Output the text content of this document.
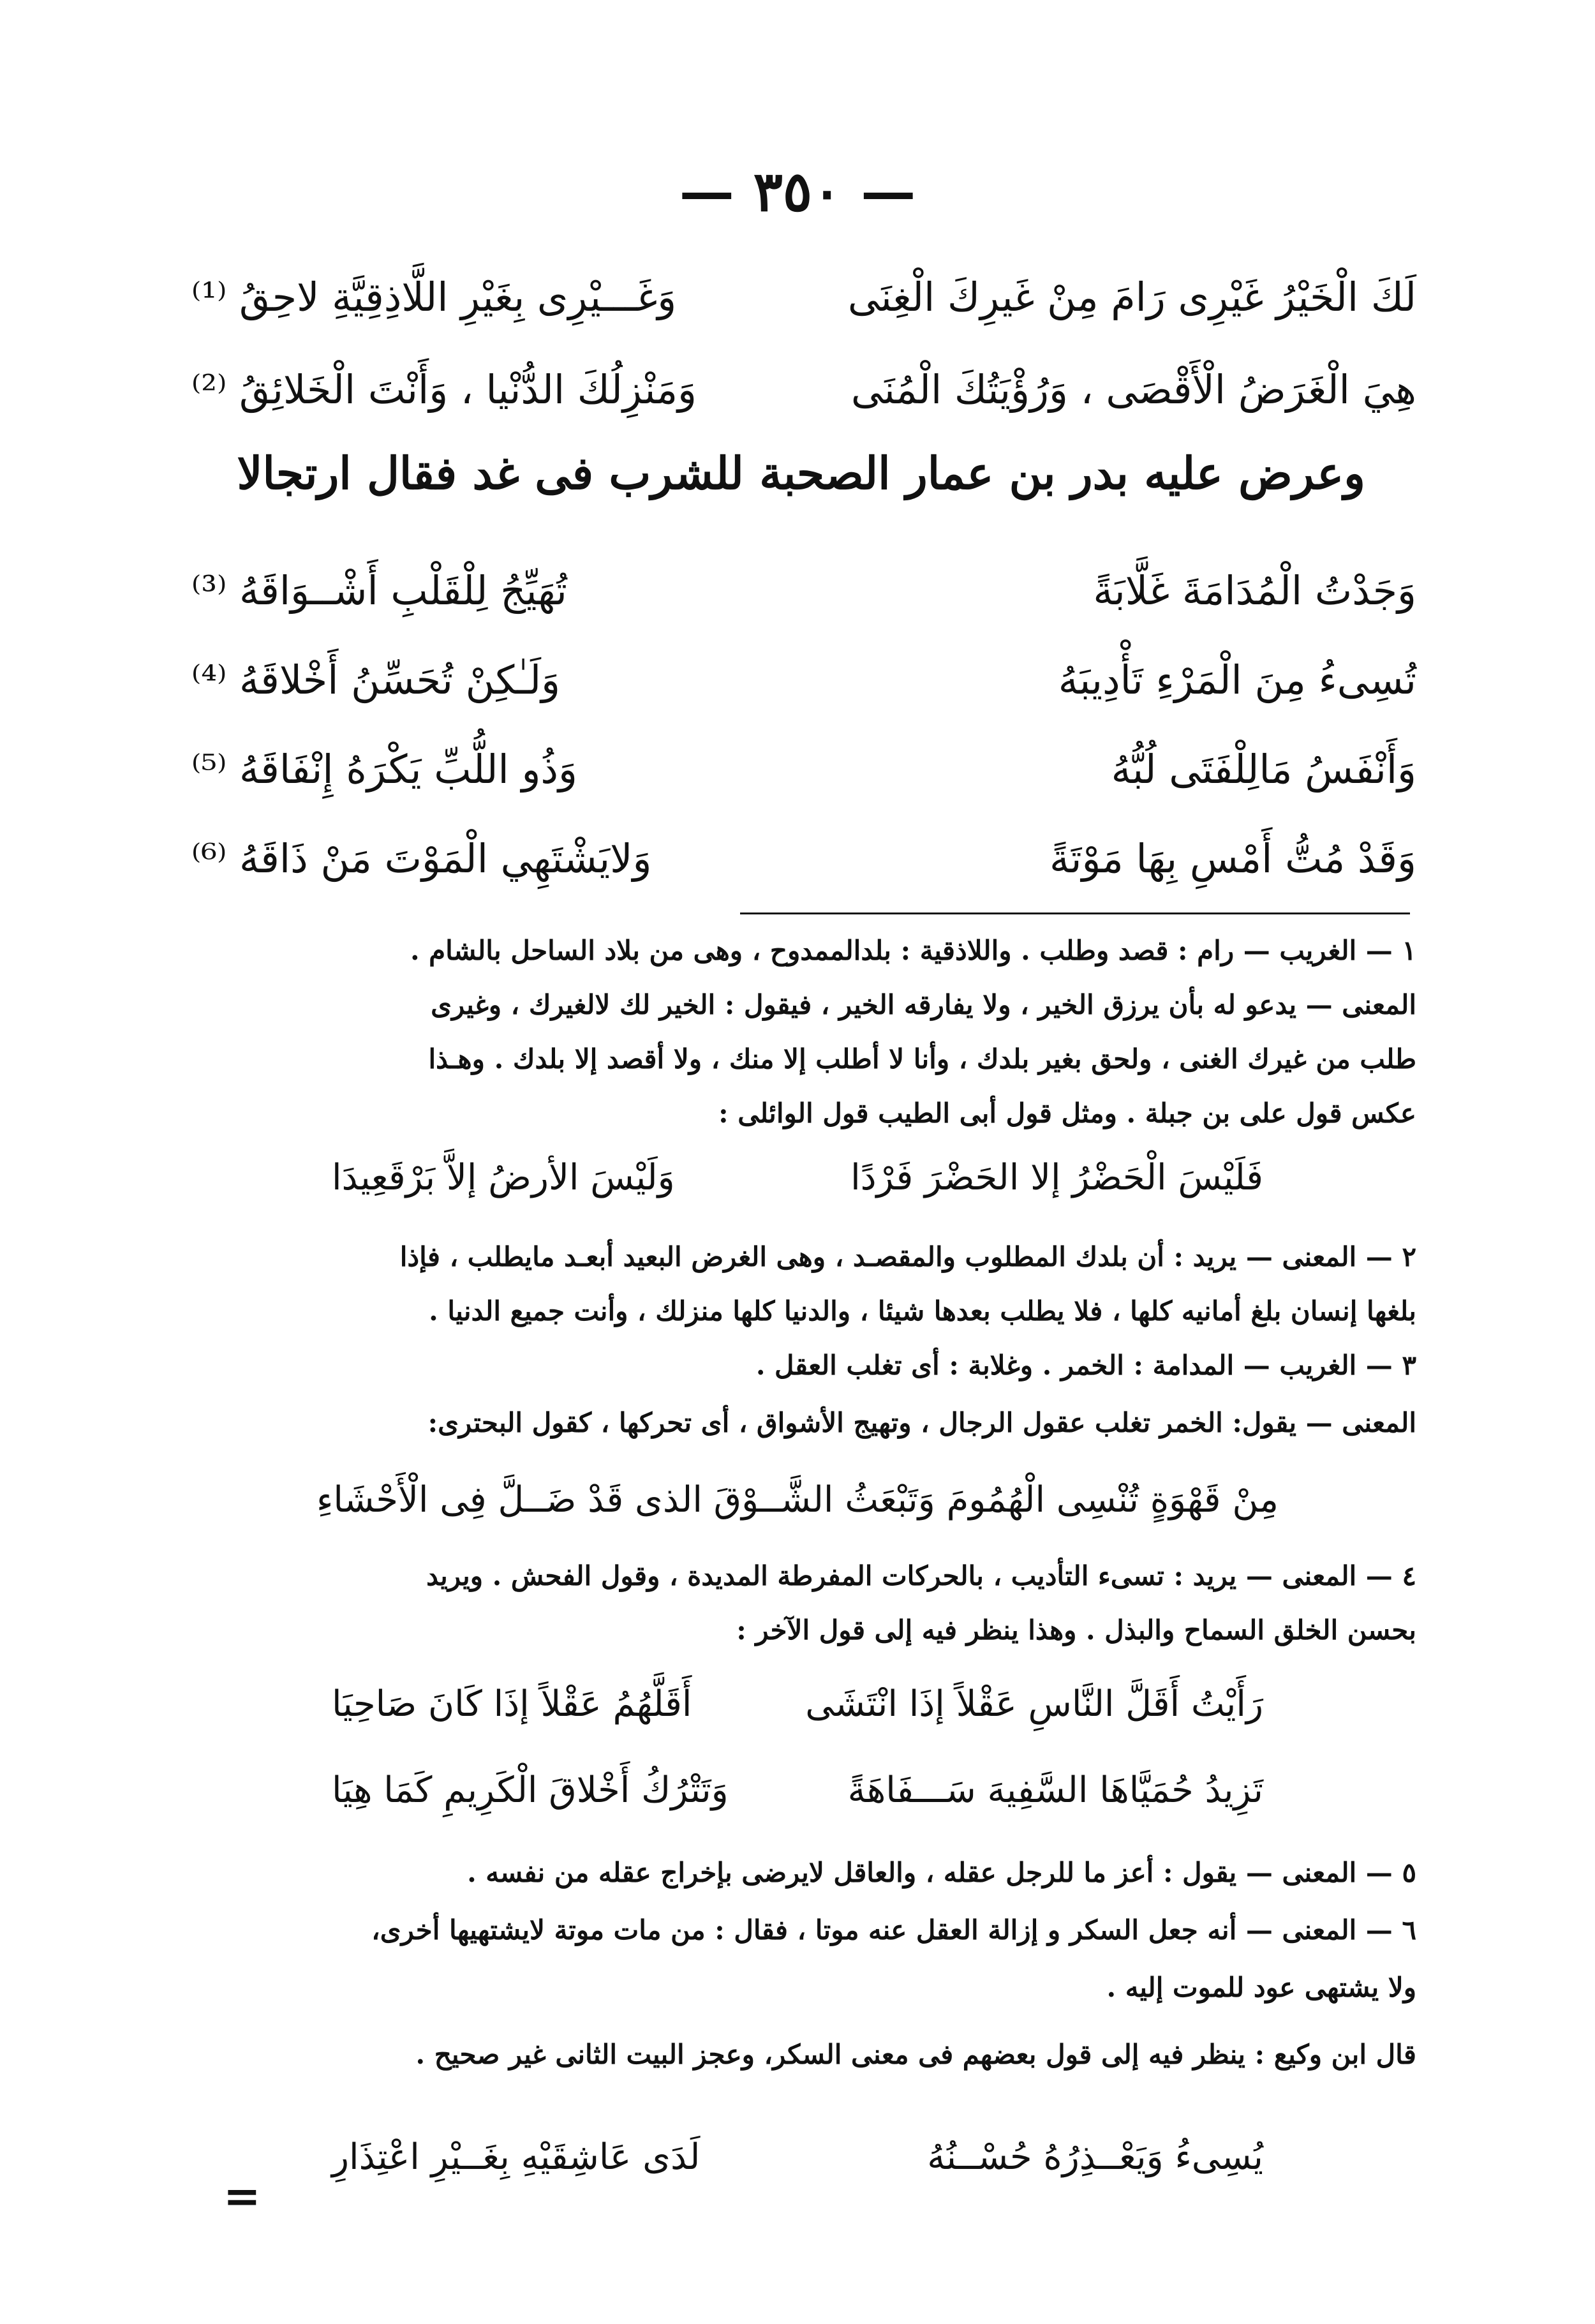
— ٣٥٠ —
لَكَ الْخَيْرُ غَيْرِى رَامَ مِنْ غَيرِكَ الْغِنَى
وَغَـــيْرِى بِغَيْرِ اللَّاذِقِيَّةِ لاحِقُ ⁽¹⁾
هِيَ الْغَرَضُ الْأَقْصَى ، وَرُؤْيَتُكَ الْمُنَى
وَمَنْزِلُكَ الدُّنْيا ، وَأَنْتَ الْخَلائِقُ ⁽²⁾
وعرض عليه بدر بن عمار الصحبة للشرب فى غد فقال ارتجالا
وَجَدْتُ الْمُدَامَةَ غَلَّابَةً
تُهَيِّجُ لِلْقَلْبِ أَشْــوَاقَهُ ⁽³⁾
تُسِىءُ مِنَ الْمَرْءِ تَأْدِيبَهُ
وَلَـٰكِنْ تُحَسِّنُ أَخْلاقَهُ ⁽⁴⁾
وَأَنْفَسُ مَالِلْفَتَى لُبُّهُ
وَذُو اللُّبِّ يَكْرَهُ إِنْفَاقَهُ ⁽⁵⁾
وَقَدْ مُتُّ أَمْسِ بِهَا مَوْتَةً
وَلايَشْتَهِي الْمَوْتَ مَنْ ذَاقَهُ ⁽⁶⁾
١ — الغريب — رام : قصد وطلب . واللاذقية : بلدالممدوح ، وهى من بلاد الساحل بالشام .
المعنى — يدعو له بأن يرزق الخير ، ولا يفارقه الخير ، فيقول : الخير لك لالغيرك ، وغيرى
طلب من غيرك الغنى ، ولحق بغير بلدك ، وأنا لا أطلب إلا منك ، ولا أقصد إلا بلدك . وهـذا
عكس قول على بن جبلة . ومثل قول أبى الطيب قول الوائلى :
فَلَيْسَ الْحَضْرُ إلا الحَضْرَ فَرْدًا
وَلَيْسَ الأرضُ إلاَّ بَرْقَعِيدَا
٢ — المعنى — يريد : أن بلدك المطلوب والمقصـد ، وهى الغرض البعيد أبعـد مايطلب ، فإذا
بلغها إنسان بلغ أمانيه كلها ، فلا يطلب بعدها شيئا ، والدنيا كلها منزلك ، وأنت جميع الدنيا .
٣ — الغريب — المدامة : الخمر . وغلابة : أى تغلب العقل .
المعنى — يقول: الخمر تغلب عقول الرجال ، وتهيج الأشواق ، أى تحركها ، كقول البحترى:
مِنْ قَهْوَةٍ تُنْسِى الْهُمُومَ وَتَبْعَثُ الشَّــوْقَ الذى قَدْ ضَــلَّ فِى الْأَحْشَاءِ
٤ — المعنى — يريد : تسىء التأديب ، بالحركات المفرطة المديدة ، وقول الفحش . ويريد
بحسن الخلق السماح والبذل . وهذا ينظر فيه إلى قول الآخر :
رَأَيْتُ أَقَلَّ النَّاسِ عَقْلاً إذَا انْتَشَى
أَقَلَّهُمُ عَقْلاً إذَا كَانَ صَاحِيَا
تَزِيدُ حُمَيَّاهَا السَّفِيهَ سَـــفَاهَةً
وَتَتْرُكُ أَخْلاقَ الْكَرِيمِ كَمَا هِيَا
٥ — المعنى — يقول : أعز ما للرجل عقله ، والعاقل لايرضى بإخراج عقله من نفسه .
٦ — المعنى — أنه جعل السكر و إزالة العقل عنه موتا ، فقال : من مات موتة لايشتهيها أخرى،
ولا يشتهى عود للموت إليه .
قال ابن وكيع : ينظر فيه إلى قول بعضهم فى معنى السكر، وعجز البيت الثانى غير صحيح .
يُسِىءُ وَيَعْــذِرُهُ حُسْــنُهُ
لَدَى عَاشِقَيْهِ بِغَــيْرِ اعْتِذَارِ
=
